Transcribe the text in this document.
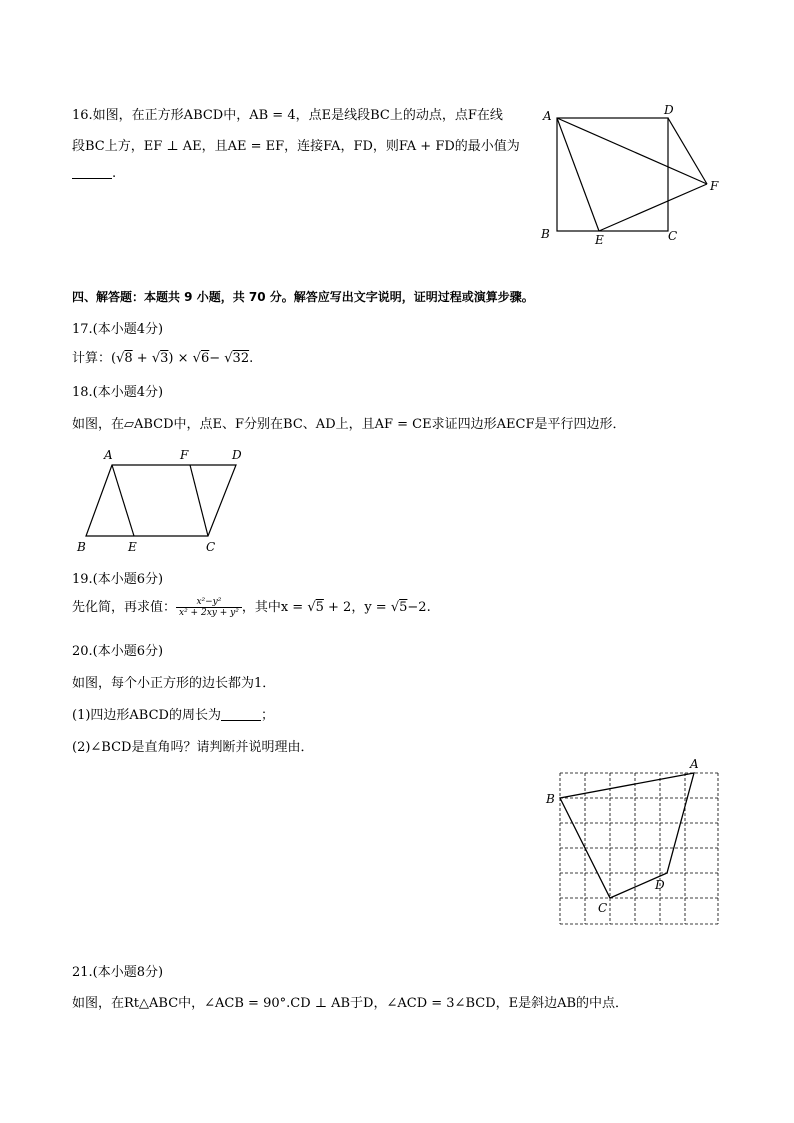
16.如图，在正方形ABCD中，AB = 4，点E是线段BC上的动点，点F在线
段BC上方，EF ⊥ AE，且AE = EF，连接FA，FD，则FA + FD的最小值为
.
A	D
F
B	E	C
四、解答题：本题共 9 小题，共 70 分。解答应写出文字说明，证明过程或演算步骤。
17.(本小题4分)
计算：(√8 + √3) × √6− √32.
18.(本小题4分)
如图，在▱ABCD中，点E、F分别在BC、AD上，且AF = CE求证四边形AECF是平行四边形．
A	F	D
B	E	C
19.(本小题6分)
先化简，再求值： $\frac{\text{x²−y²}}{\text{x² + 2xy + y²}}$ ，其中x = √5 + 2，y = √5−2.
20.(本小题6分)
如图，每个小正方形的边长都为1．
(1)四边形ABCD的周长为	；
(2)∠BCD是直角吗？请判断并说明理由．
A
B
C
D
21.(本小题8分)
如图，在Rt△ABC中，∠ACB = 90°.CD ⊥ AB于D，∠ACD = 3∠BCD，E是斜边AB的中点．
